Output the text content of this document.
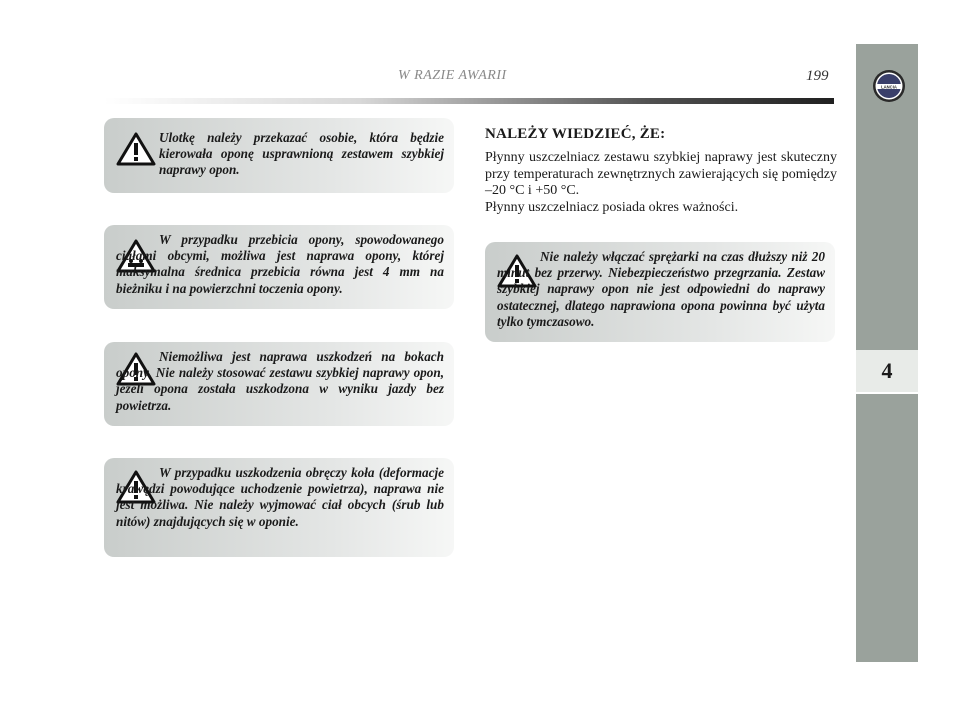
W RAZIE AWARII	199
4
LANCIA
Ulotkę należy przekazać osobie, która będzie kierowała oponę usprawnioną zestawem szybkiej naprawy opon.
W przypadku przebicia opony, spowodowanego ciałami obcymi, możliwa jest naprawa opony, której maksymalna średnica przebicia równa jest 4 mm na bieżniku i na powierzchni toczenia opony.
Niemożliwa jest naprawa uszkodzeń na bokach opony. Nie należy stosować zestawu szybkiej naprawy opon, jeżeli opona została uszkodzona w wyniku jazdy bez powietrza.
W przypadku uszkodzenia obręczy koła (deformacje krawędzi powodujące uchodzenie powietrza), naprawa nie jest możliwa. Nie należy wyjmować ciał obcych (śrub lub nitów) znajdujących się w oponie.
NALEŻY WIEDZIEĆ, ŻE:
Płynny uszczelniacz zestawu szybkiej naprawy jest skuteczny przy temperaturach zewnętrznych zawierających się pomiędzy –20 °C i +50 °C.
Płynny uszczelniacz posiada okres ważności.
Nie należy włączać sprężarki na czas dłuższy niż 20 minut bez przerwy. Niebezpieczeństwo przegrzania. Zestaw szybkiej naprawy opon nie jest odpowiedni do naprawy ostatecznej, dlatego naprawiona opona powinna być użyta tylko tymczasowo.
